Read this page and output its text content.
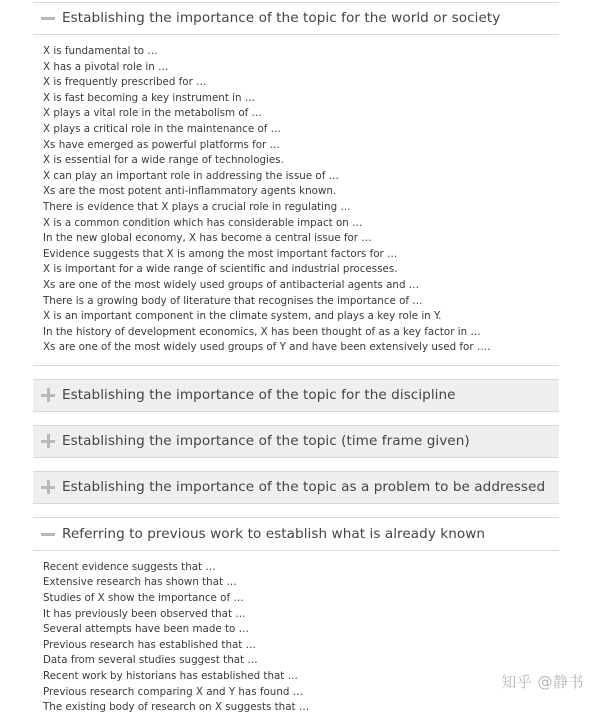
Establishing the importance of the topic for the world or society
X is fundamental to …
X has a pivotal role in …
X is frequently prescribed for …
X is fast becoming a key instrument in …
X plays a vital role in the metabolism of …
X plays a critical role in the maintenance of …
Xs have emerged as powerful platforms for …
X is essential for a wide range of technologies.
X can play an important role in addressing the issue of …
Xs are the most potent anti-inflammatory agents known.
There is evidence that X plays a crucial role in regulating …
X is a common condition which has considerable impact on …
In the new global economy, X has become a central issue for …
Evidence suggests that X is among the most important factors for …
X is important for a wide range of scientific and industrial processes.
Xs are one of the most widely used groups of antibacterial agents and …
There is a growing body of literature that recognises the importance of …
X is an important component in the climate system, and plays a key role in Y.
In the history of development economics, X has been thought of as a key factor in …
Xs are one of the most widely used groups of Y and have been extensively used for ….
Establishing the importance of the topic for the discipline
Establishing the importance of the topic (time frame given)
Establishing the importance of the topic as a problem to be addressed
Referring to previous work to establish what is already known
Recent evidence suggests that …
Extensive research has shown that …
Studies of X show the importance of …
It has previously been observed that …
Several attempts have been made to …
Previous research has established that …
Data from several studies suggest that …
Recent work by historians has established that …
Previous research comparing X and Y has found …
The existing body of research on X suggests that …
知乎 @静书
